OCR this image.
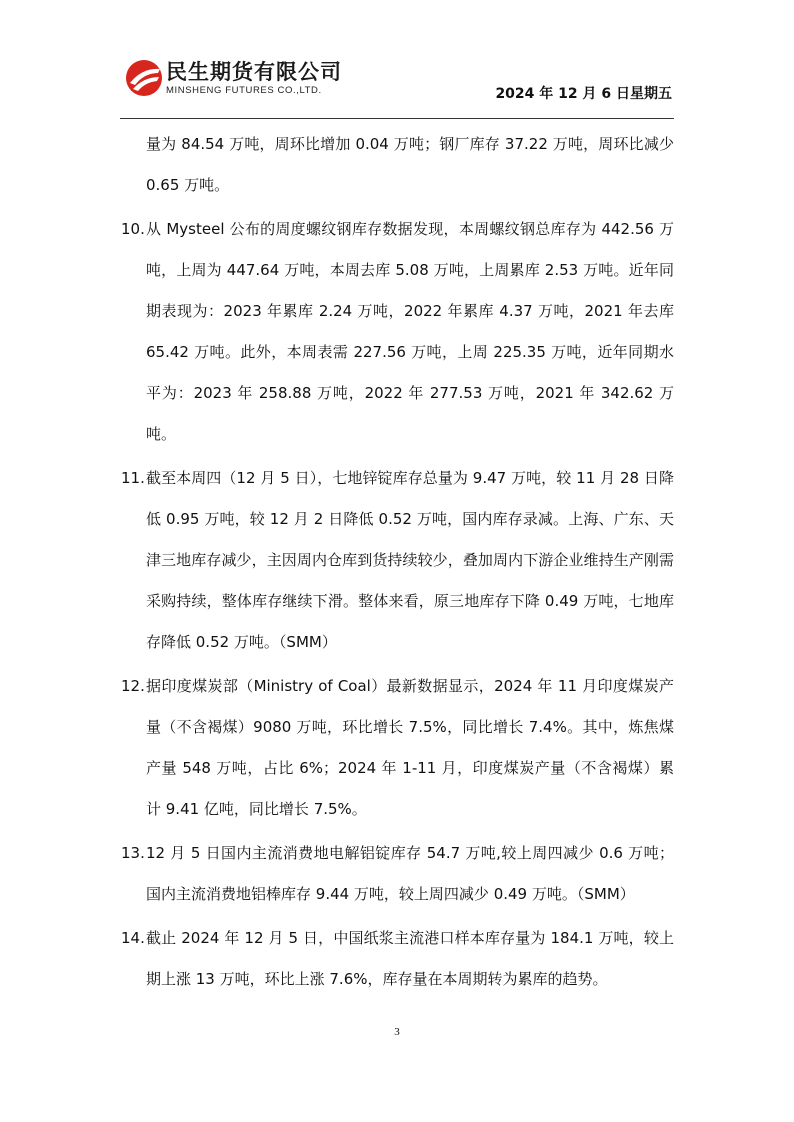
民生期货有限公司
MINSHENG FUTURES CO.,LTD.	2024 年 12 月 6 日星期五
量为 84.54 万吨，周环比增加 0.04 万吨；钢厂库存 37.22 万吨，周环比减少 0.65 万吨。
10. 从 Mysteel 公布的周度螺纹钢库存数据发现，本周螺纹钢总库存为 442.56 万吨，上周为 447.64 万吨，本周去库 5.08 万吨，上周累库 2.53 万吨。近年同期表现为：2023 年累库 2.24 万吨，2022 年累库 4.37 万吨，2021 年去库 65.42 万吨。此外，本周表需 227.56 万吨，上周 225.35 万吨，近年同期水平为：2023 年 258.88 万吨，2022 年 277.53 万吨，2021 年 342.62 万吨。
11. 截至本周四（12 月 5 日），七地锌锭库存总量为 9.47 万吨，较 11 月 28 日降低 0.95 万吨，较 12 月 2 日降低 0.52 万吨，国内库存录减。上海、广东、天津三地库存减少，主因周内仓库到货持续较少，叠加周内下游企业维持生产刚需采购持续，整体库存继续下滑。整体来看，原三地库存下降 0.49 万吨，七地库存降低 0.52 万吨。（SMM）
12. 据印度煤炭部（Ministry of Coal）最新数据显示，2024 年 11 月印度煤炭产量（不含褐煤）9080 万吨，环比增长 7.5%，同比增长 7.4%。其中，炼焦煤产量 548 万吨，占比 6%；2024 年 1-11 月，印度煤炭产量（不含褐煤）累计 9.41 亿吨，同比增长 7.5%。
13. 12 月 5 日国内主流消费地电解铝锭库存 54.7 万吨,较上周四减少 0.6 万吨；国内主流消费地铝棒库存 9.44 万吨，较上周四减少 0.49 万吨。（SMM）
14. 截止 2024 年 12 月 5 日，中国纸浆主流港口样本库存量为 184.1 万吨，较上期上涨 13 万吨，环比上涨 7.6%，库存量在本周期转为累库的趋势。
3
